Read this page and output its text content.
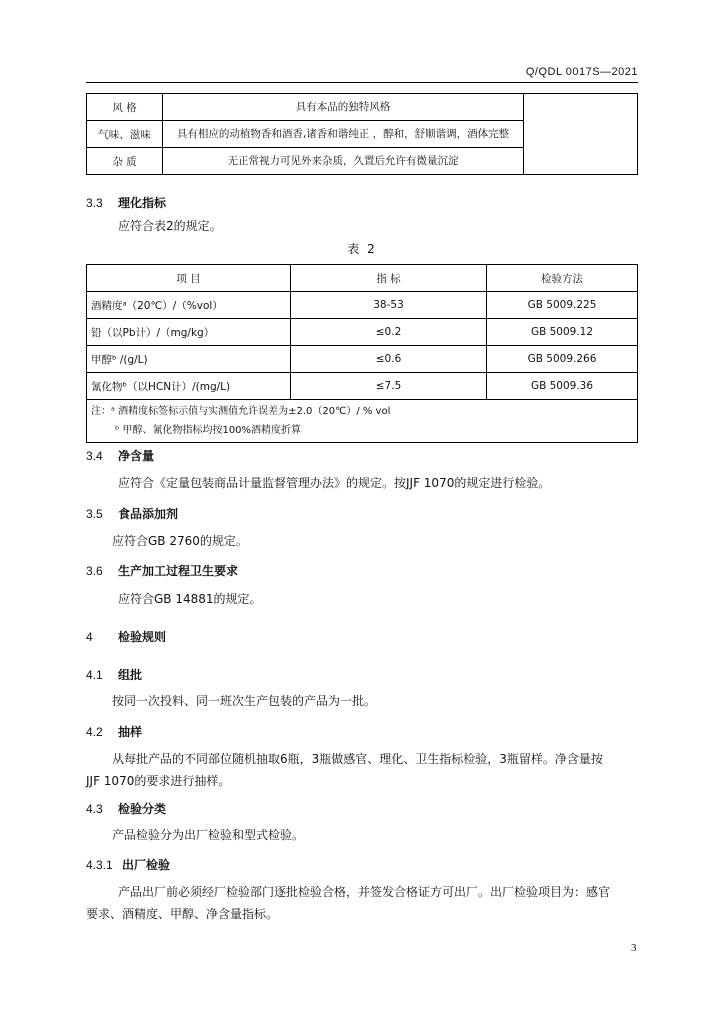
Q/QDL 0017S—2021
风 格	具有本品的独特风格	
气味、滋味	具有相应的动植物香和酒香,诸香和谐纯正 ，醇和，舒顺谐调，酒体完整	
杂 质	无正常视力可见外来杂质，久置后允许有微量沉淀	
3.3 理化指标
应符合表2的规定。
表 2
项 目	指 标	检验方法
酒精度ᵃ（20℃）/（%vol）	38-53	GB 5009.225
铅（以Pb计）/（mg/kg）	≤0.2	GB 5009.12
甲醇ᵇ /(g/L)	≤0.6	GB 5009.266
氰化物ᵇ（以HCN计）/(mg/L)	≤7.5	GB 5009.36

注：ᵃ 酒精度标签标示值与实测值允许误差为±2.0（20℃）/ % vol
ᵇ 甲醇、氰化物指标均按100%酒精度折算		
3.4 净含量
应符合《定量包装商品计量监督管理办法》的规定。按JJF 1070的规定进行检验。
3.5 食品添加剂
应符合GB 2760的规定。
3.6 生产加工过程卫生要求
应符合GB 14881的规定。
4 检验规则
4.1 组批
按同一次投料、同一班次生产包装的产品为一批。
4.2 抽样
从每批产品的不同部位随机抽取6瓶，3瓶做感官、理化、卫生指标检验，3瓶留样。净含量按
JJF 1070的要求进行抽样。
4.3 检验分类
产品检验分为出厂检验和型式检验。
4.3.1 出厂检验
产品出厂前必须经厂检验部门逐批检验合格，并签发合格证方可出厂。出厂检验项目为：感官
要求、酒精度、甲醇、净含量指标。
3
